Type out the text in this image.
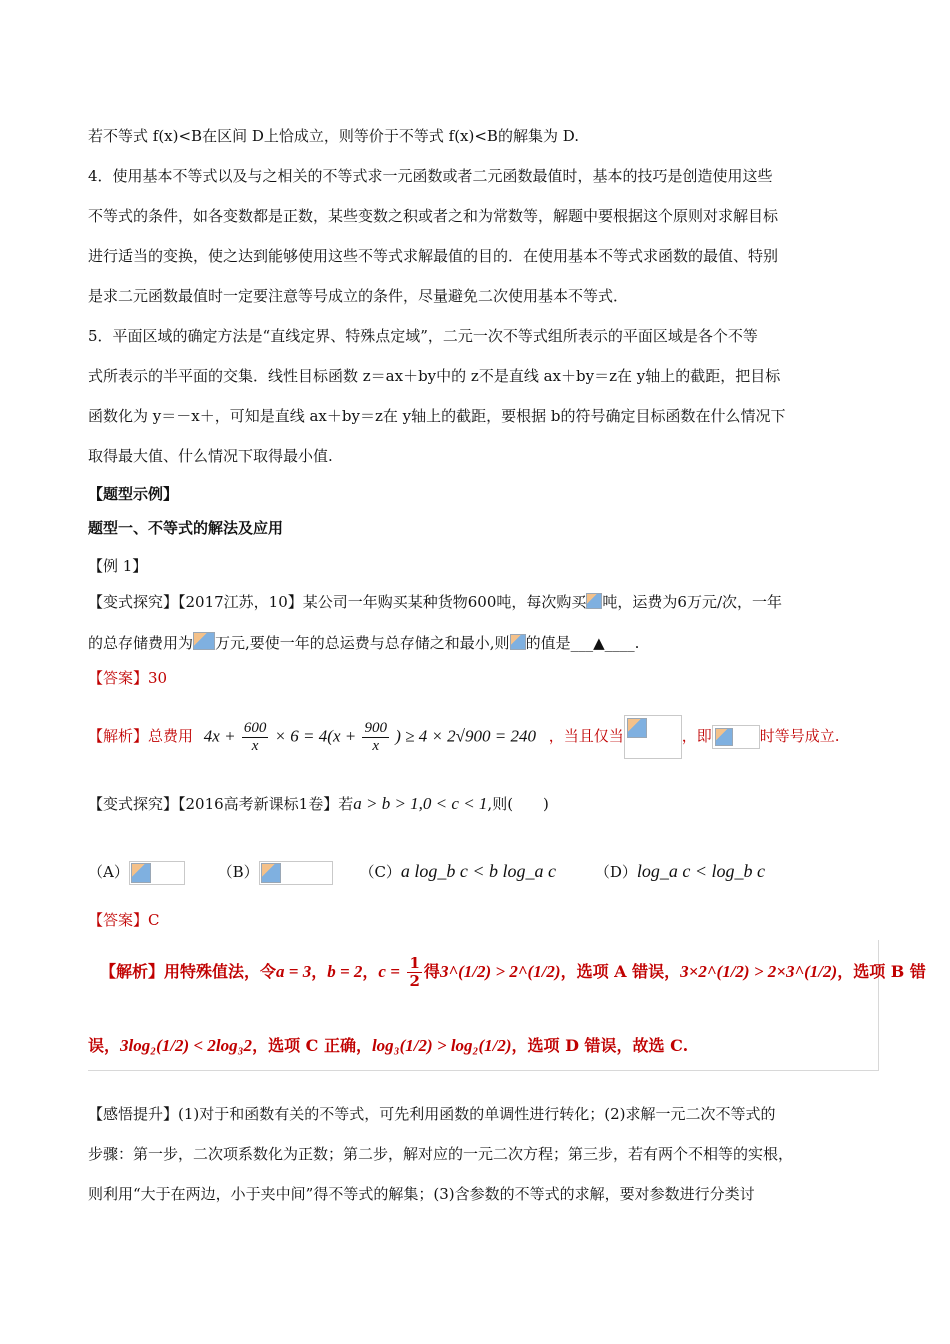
若不等式 f(x)<B在区间 D上恰成立，则等价于不等式 f(x)<B的解集为 D.
4．使用基本不等式以及与之相关的不等式求一元函数或者二元函数最值时，基本的技巧是创造使用这些
不等式的条件，如各变数都是正数，某些变数之积或者之和为常数等，解题中要根据这个原则对求解目标
进行适当的变换，使之达到能够使用这些不等式求解最值的目的．在使用基本不等式求函数的最值、特别
是求二元函数最值时一定要注意等号成立的条件，尽量避免二次使用基本不等式．
5．平面区域的确定方法是“直线定界、特殊点定域”，二元一次不等式组所表示的平面区域是各个不等
式所表示的半平面的交集．线性目标函数 z＝ax＋by中的 z不是直线 ax＋by＝z在 y轴上的截距，把目标
函数化为 y＝－x＋，可知是直线 ax＋by＝z在 y轴上的截距，要根据 b的符号确定目标函数在什么情况下
取得最大值、什么情况下取得最小值.
【题型示例】
题型一、不等式的解法及应用
【例 1】
【变式探究】【2017江苏，10】某公司一年购买某种货物600吨，每次购买 吨，运费为6万元/次，一年
的总存储费用为 万元,要使一年的总运费与总存储之和最小,则 的值是___▲____.
【答案】30
【解析】总费用 $4x + \frac{600}{x} \times 6 = 4(x + \frac{900}{x}$ ) ≥ 4 × 2√900 = 240 ，当且仅当	，即	时等号成立.
【变式探究】【2016高考新课标1卷】若a > b > 1,0 < c < 1,则(　　)
（A）	（B）	（C）a log_b c < b log_a c	（D）log_a c < log_b c
【答案】C
【解析】用特殊值法，令a = 3，b = 2，$c = \frac{1}{2}$ 得3^(1/2) > 2^(1/2)，选项 A 错误，3×2^(1/2) > 2×3^(1/2)，选项 B 错
误，3log₂(1/2) < 2log₃2，选项 C 正确，log₃(1/2) > log₂(1/2)，选项 D 错误，故选 C.
【感悟提升】(1)对于和函数有关的不等式，可先利用函数的单调性进行转化；(2)求解一元二次不等式的
步骤：第一步，二次项系数化为正数；第二步，解对应的一元二次方程；第三步，若有两个不相等的实根，
则利用“大于在两边，小于夹中间”得不等式的解集；(3)含参数的不等式的求解，要对参数进行分类讨
